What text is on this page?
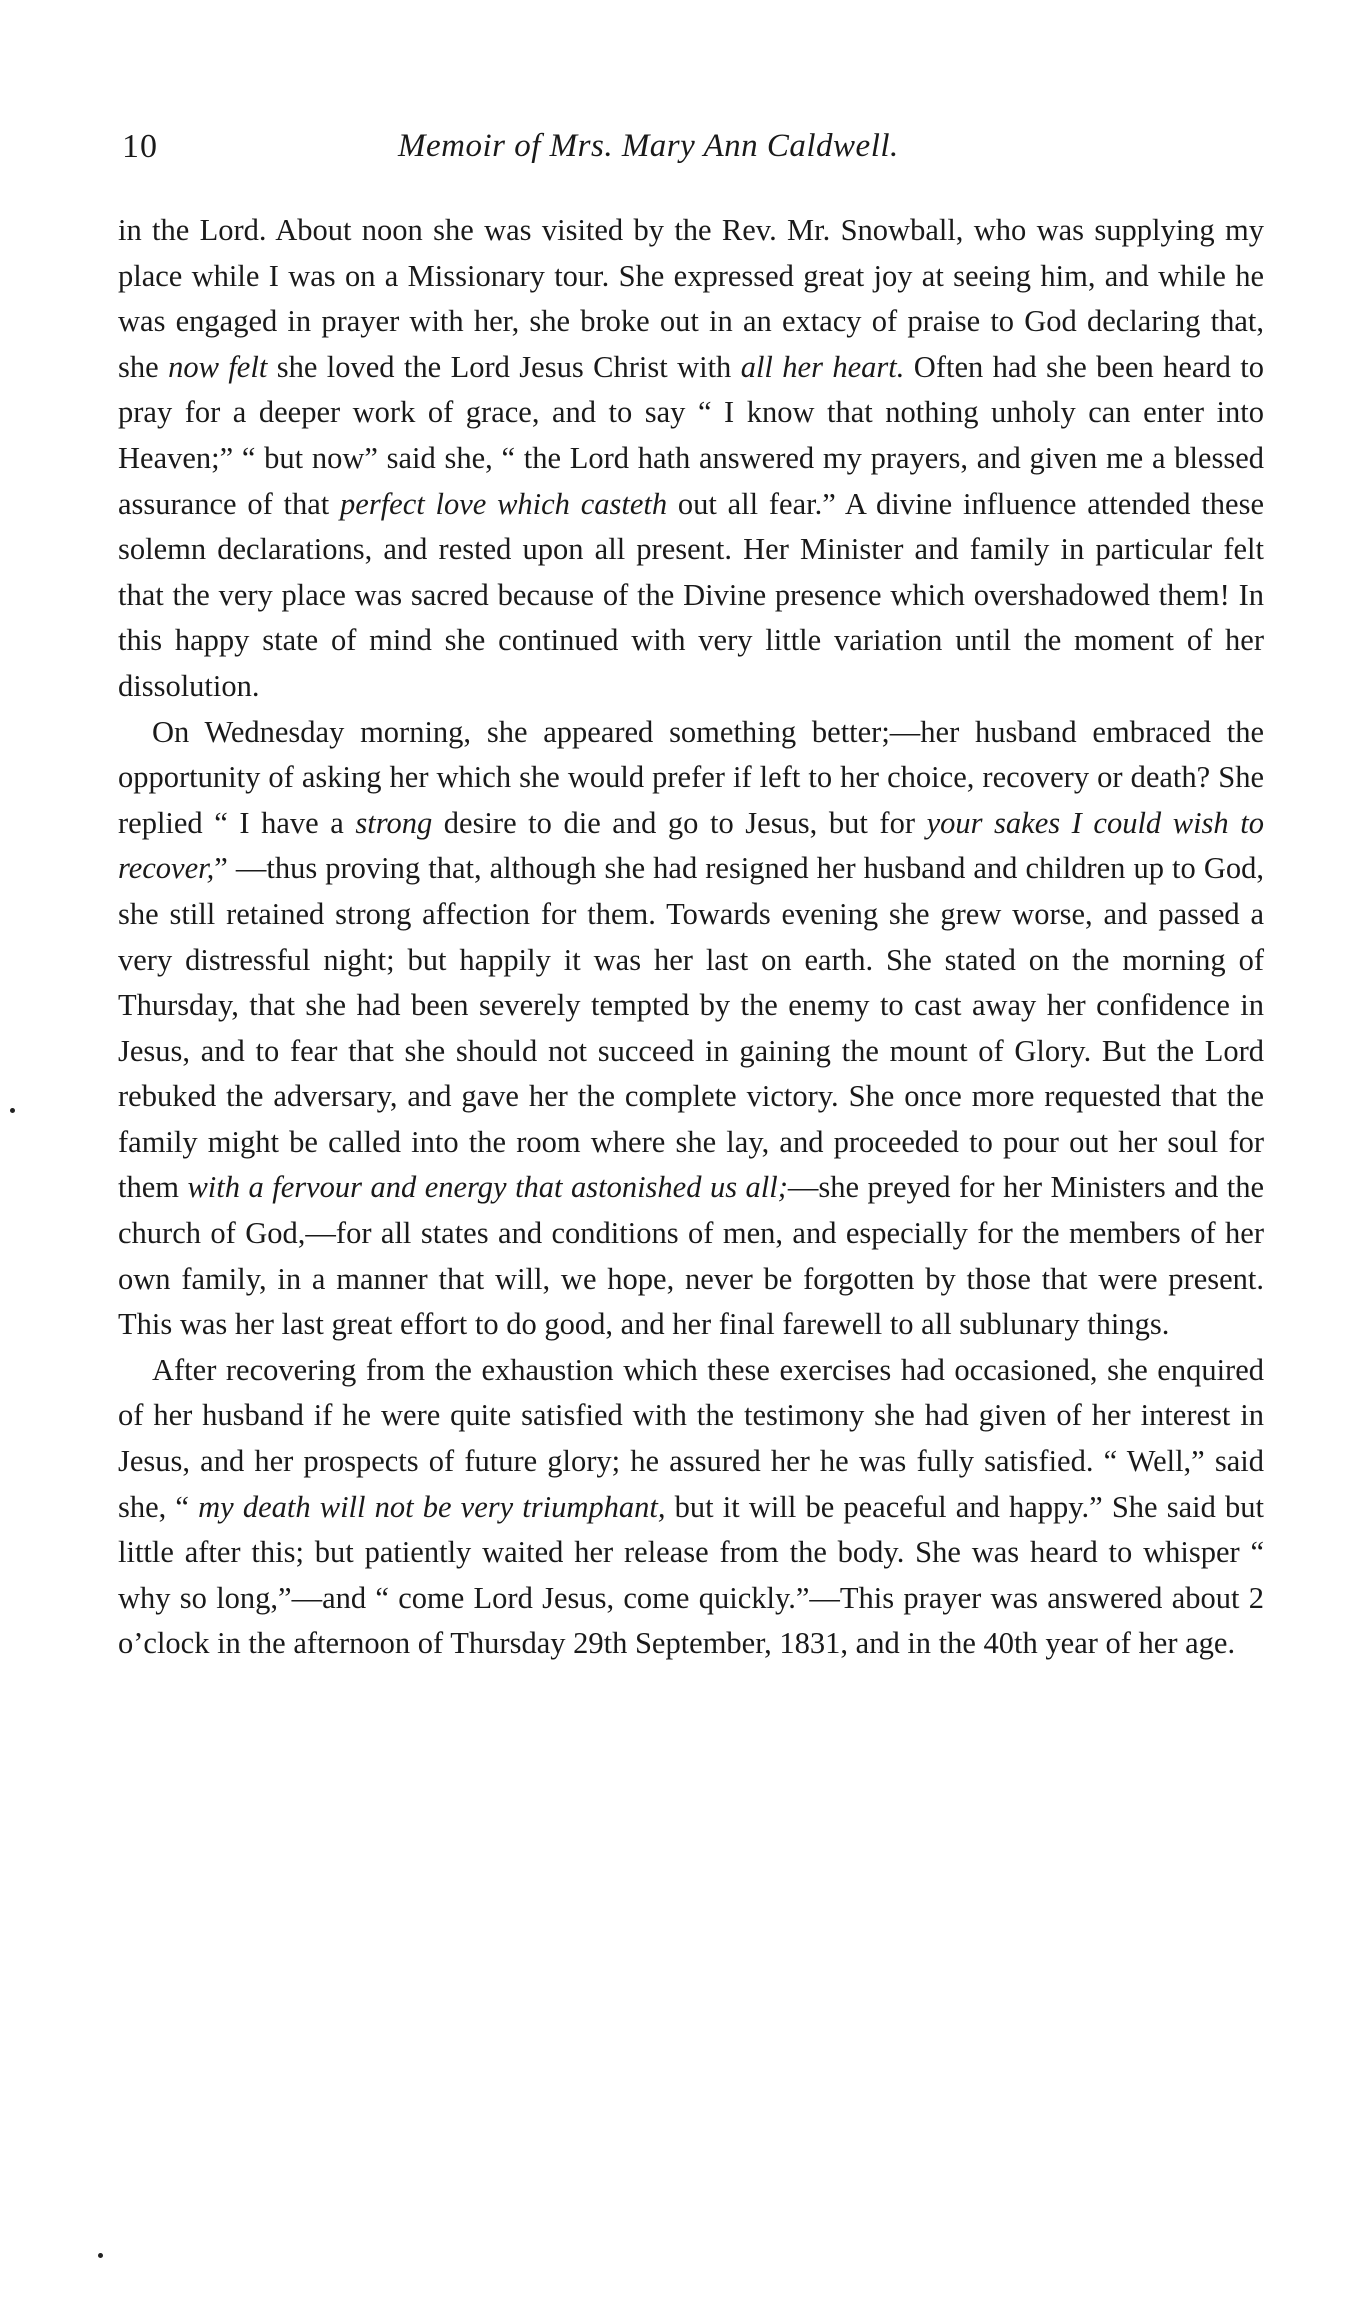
10	Memoir of Mrs. Mary Ann Caldwell.

in the Lord. About noon she was visited by the Rev. Mr. Snowball, who was supplying my place while I was on a Missionary tour. She expressed great joy at seeing him, and while he was engaged in prayer with her, she broke out in an extacy of praise to God declaring that, she now felt she loved the Lord Jesus Christ with all her heart. Often had she been heard to pray for a deeper work of grace, and to say “ I know that nothing unholy can enter into Heaven;” “ but now” said she, “ the Lord hath answered my prayers, and given me a blessed assurance of that perfect love which casteth out all fear.” A divine influence attended these solemn declarations, and rested upon all present. Her Minister and family in particular felt that the very place was sacred because of the Divine presence which overshadowed them! In this happy state of mind she continued with very little variation until the moment of her dissolution.

On Wednesday morning, she appeared something better;—her husband embraced the opportunity of asking her which she would prefer if left to her choice, recovery or death? She replied “ I have a strong desire to die and go to Jesus, but for your sakes I could wish to recover,” —thus proving that, although she had resigned her husband and children up to God, she still retained strong affection for them. Towards evening she grew worse, and passed a very distressful night; but happily it was her last on earth. She stated on the morning of Thursday, that she had been severely tempted by the enemy to cast away her confidence in Jesus, and to fear that she should not succeed in gaining the mount of Glory. But the Lord rebuked the adversary, and gave her the complete victory. She once more requested that the family might be called into the room where she lay, and proceeded to pour out her soul for them with a fervour and energy that astonished us all;—she preyed for her Ministers and the church of God,—for all states and conditions of men, and especially for the members of her own family, in a manner that will, we hope, never be forgotten by those that were present. This was her last great effort to do good, and her final farewell to all sublunary things.

After recovering from the exhaustion which these exercises had occasioned, she enquired of her husband if he were quite satisfied with the testimony she had given of her interest in Jesus, and her prospects of future glory; he assured her he was fully satisfied. “ Well,” said she, “ my death will not be very triumphant, but it will be peaceful and happy.” She said but little after this; but patiently waited her release from the body. She was heard to whisper “ why so long,”—and “ come Lord Jesus, come quickly.”—This prayer was answered about 2 o’clock in the afternoon of Thursday 29th September, 1831, and in the 40th year of her age.
